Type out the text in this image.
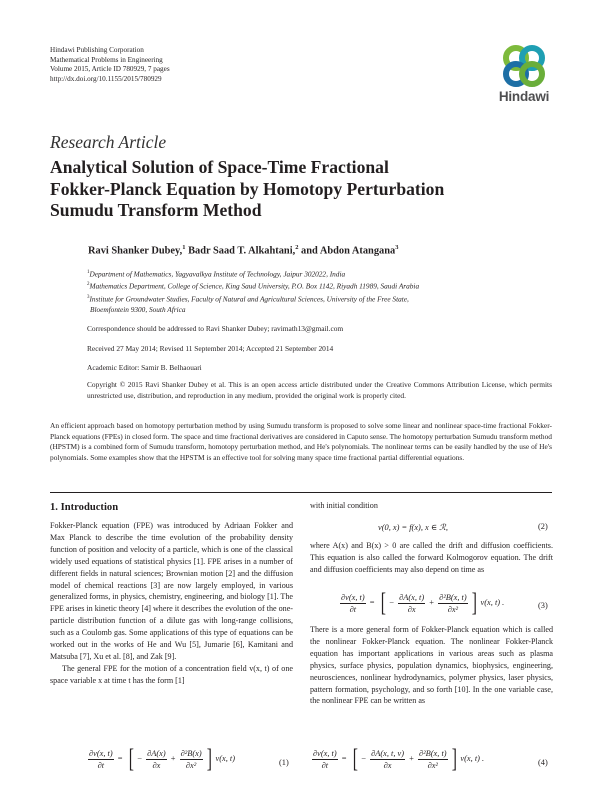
Hindawi Publishing Corporation
Mathematical Problems in Engineering
Volume 2015, Article ID 780929, 7 pages
http://dx.doi.org/10.1155/2015/780929
Hindawi
Research Article
Analytical Solution of Space-Time Fractional
Fokker-Planck Equation by Homotopy Perturbation
Sumudu Transform Method
Ravi Shanker Dubey,$^1$ Badr Saad T. Alkahtani,$^2$ and Abdon Atangana$^3$
$^1$Department of Mathematics, Yagyavalkya Institute of Technology, Jaipur 302022, India
$^2$Mathematics Department, College of Science, King Saud University, P.O. Box 1142, Riyadh 11989, Saudi Arabia
$^3$Institute for Groundwater Studies, Faculty of Natural and Agricultural Sciences, University of the Free State,
Bloemfontein 9300, South Africa
Correspondence should be addressed to Ravi Shanker Dubey; ravimath13@gmail.com
Received 27 May 2014; Revised 11 September 2014; Accepted 21 September 2014
Academic Editor: Samir B. Belhaouari
Copyright © 2015 Ravi Shanker Dubey et al. This is an open access article distributed under the Creative Commons Attribution License, which permits unrestricted use, distribution, and reproduction in any medium, provided the original work is properly cited.
An efficient approach based on homotopy perturbation method by using Sumudu transform is proposed to solve some linear and nonlinear space-time fractional Fokker-Planck equations (FPEs) in closed form. The space and time fractional derivatives are considered in Caputo sense. The homotopy perturbation Sumudu transform method (HPSTM) is a combined form of Sumudu transform, homotopy perturbation method, and He's polynomials. The nonlinear terms can be easily handled by the use of He's polynomials. Some examples show that the HPSTM is an effective tool for solving many space time fractional partial differential equations.
1. Introduction

Fokker-Planck equation (FPE) was introduced by Adriaan Fokker and Max Planck to describe the time evolution of the probability density function of position and velocity of a particle, which is one of the classical widely used equations of statistical physics [1]. FPE arises in a number of different fields in natural sciences; Brownian motion [2] and the diffusion model of chemical reactions [3] are now largely employed, in various generalized forms, in physics, chemistry, engineering, and biology [1]. The FPE arises in kinetic theory [4] where it describes the evolution of the one-particle distribution function of a dilute gas with long-range collisions, such as a Coulomb gas. Some applications of this type of equations can be worked out in the works of He and Wu [5], Jumarie [6], Kamitani and Matsuba [7], Xu et al. [8], and Zak [9].

The general FPE for the motion of a concentration field v(x, t) of one space variable x at time t has the form [1]

$\frac{\partial v(x, t)}{\partial t}$ = [ − $\frac{\partial A(x)}{\partial x} + \frac{\text{∂²B(x)}}{\text{∂x²}}$ ] v(x, t)	(1)

with initial condition

v(0, x) = f(x), x ∈ ℛ,	(2)

where A(x) and B(x) > 0 are called the drift and diffusion coefficients. This equation is also called the forward Kolmogorov equation. The drift and diffusion coefficients may also depend on time as

$\frac{\partial v(x, t)}{\partial t}$ = [ − $\frac{\partial A(x, t)}{\partial x} + \frac{\text{∂²B(x, t)}}{\text{∂x²}}$ ] v(x, t) .	(3)

There is a more general form of Fokker-Planck equation which is called the nonlinear Fokker-Planck equation. The nonlinear Fokker-Planck equation has important applications in various areas such as plasma physics, surface physics, population dynamics, biophysics, engineering, neurosciences, nonlinear hydrodynamics, polymer physics, laser physics, pattern formation, psychology, and so forth [10]. In the one variable case, the nonlinear FPE can be written as

$\frac{\partial v(x, t)}{\partial t}$ = [ − $\frac{\partial A(x, t, v)}{\partial x} + \frac{\text{∂²B(x, t)}}{\text{∂x²}}$ ] v(x, t) .	(4)
